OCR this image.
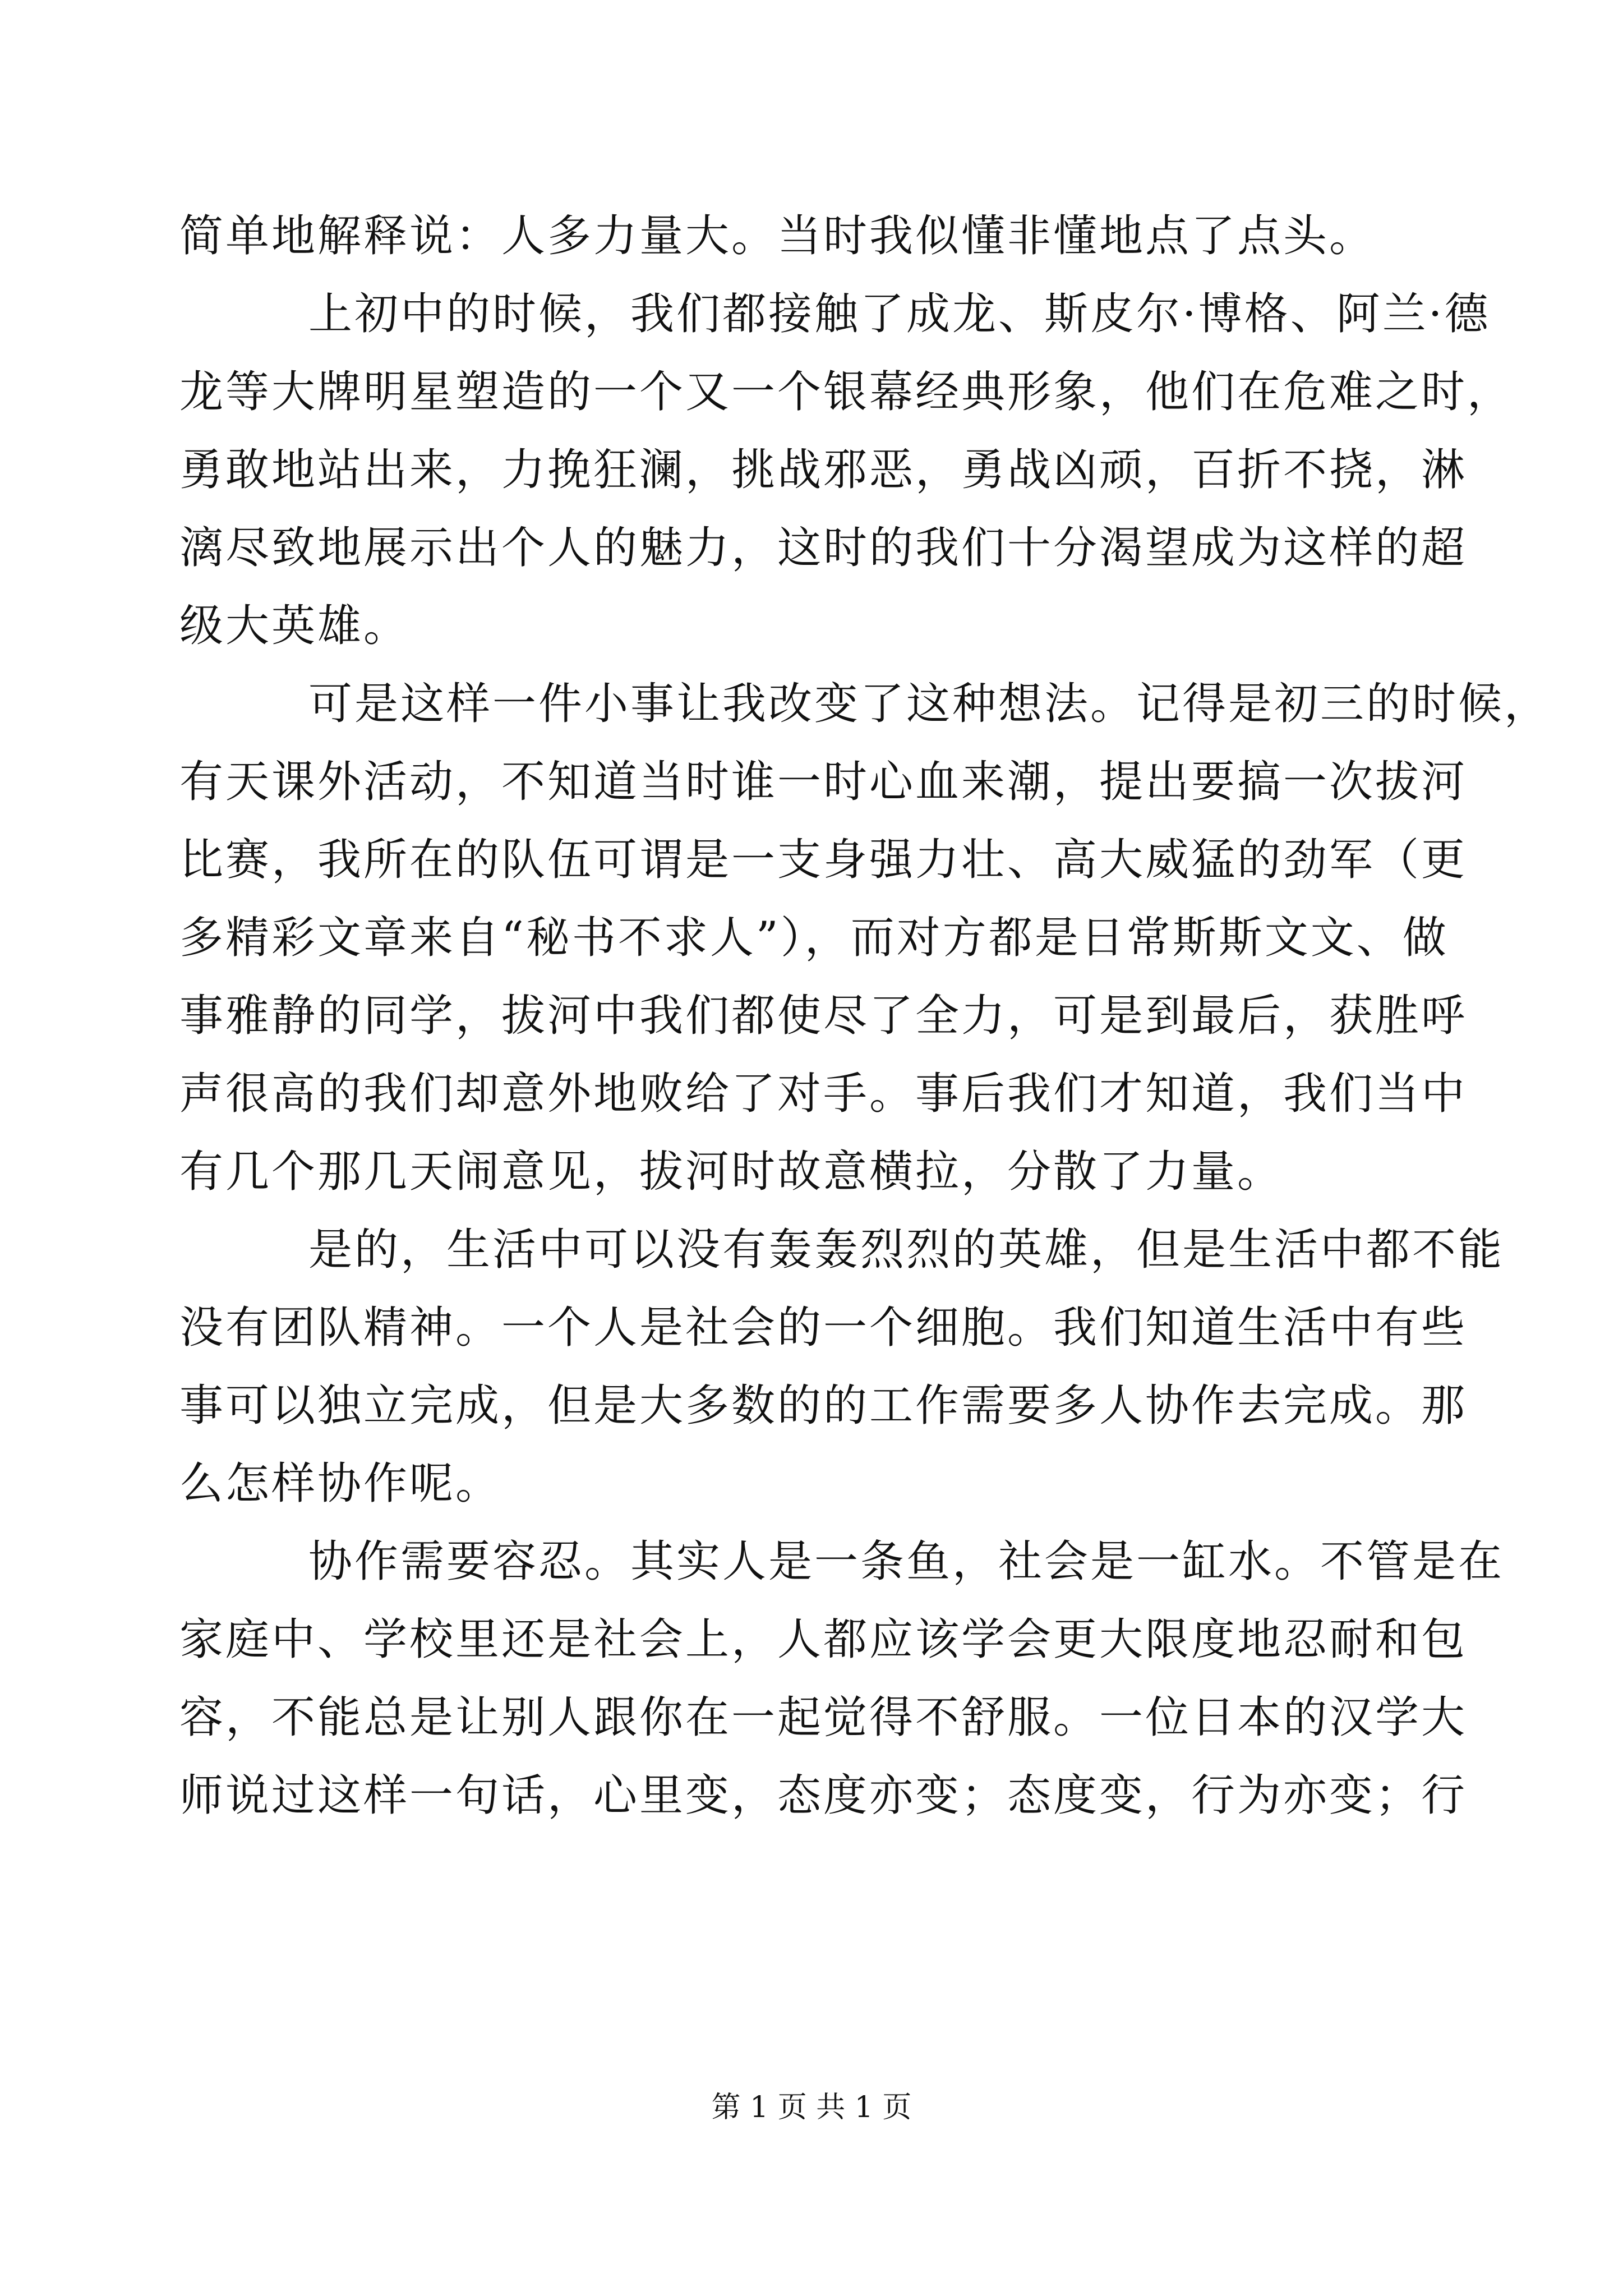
简单地解释说：人多力量大。当时我似懂非懂地点了点头。
上初中的时候，我们都接触了成龙、斯皮尔·博格、阿兰·德
龙等大牌明星塑造的一个又一个银幕经典形象，他们在危难之时，
勇敢地站出来，力挽狂澜，挑战邪恶，勇战凶顽，百折不挠，淋
漓尽致地展示出个人的魅力，这时的我们十分渴望成为这样的超
级大英雄。
可是这样一件小事让我改变了这种想法。记得是初三的时候，
有天课外活动，不知道当时谁一时心血来潮，提出要搞一次拔河
比赛，我所在的队伍可谓是一支身强力壮、高大威猛的劲军（更
多精彩文章来自“秘书不求人”），而对方都是日常斯斯文文、做
事雅静的同学，拔河中我们都使尽了全力，可是到最后，获胜呼
声很高的我们却意外地败给了对手。事后我们才知道，我们当中
有几个那几天闹意见，拔河时故意横拉，分散了力量。
是的，生活中可以没有轰轰烈烈的英雄，但是生活中都不能
没有团队精神。一个人是社会的一个细胞。我们知道生活中有些
事可以独立完成，但是大多数的的工作需要多人协作去完成。那
么怎样协作呢。
协作需要容忍。其实人是一条鱼，社会是一缸水。不管是在
家庭中、学校里还是社会上，人都应该学会更大限度地忍耐和包
容，不能总是让别人跟你在一起觉得不舒服。一位日本的汉学大
师说过这样一句话，心里变，态度亦变；态度变，行为亦变；行
第 1 页 共 1 页
